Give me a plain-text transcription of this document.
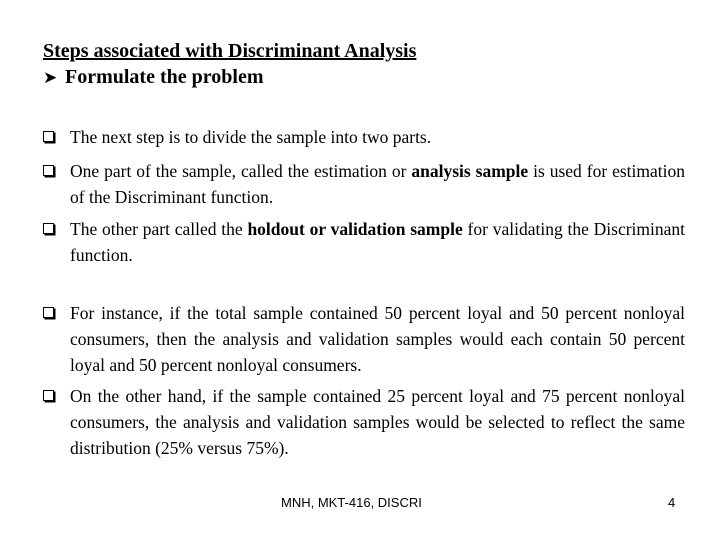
Steps associated with Discriminant Analysis
➤ Formulate the problem
The next step is to divide the sample into two parts.
One part of the sample, called the estimation or analysis sample is used for estimation of the Discriminant function.
The other part called the holdout or validation sample for validating the Discriminant function.
For instance, if the total sample contained 50 percent loyal and 50 percent nonloyal consumers, then the analysis and validation samples would each contain 50 percent loyal and 50 percent nonloyal consumers.
On the other hand, if the sample contained 25 percent loyal and 75 percent nonloyal consumers, the analysis and validation samples would be selected to reflect the same distribution (25% versus 75%).
MNH, MKT-416, DISCRI	4
